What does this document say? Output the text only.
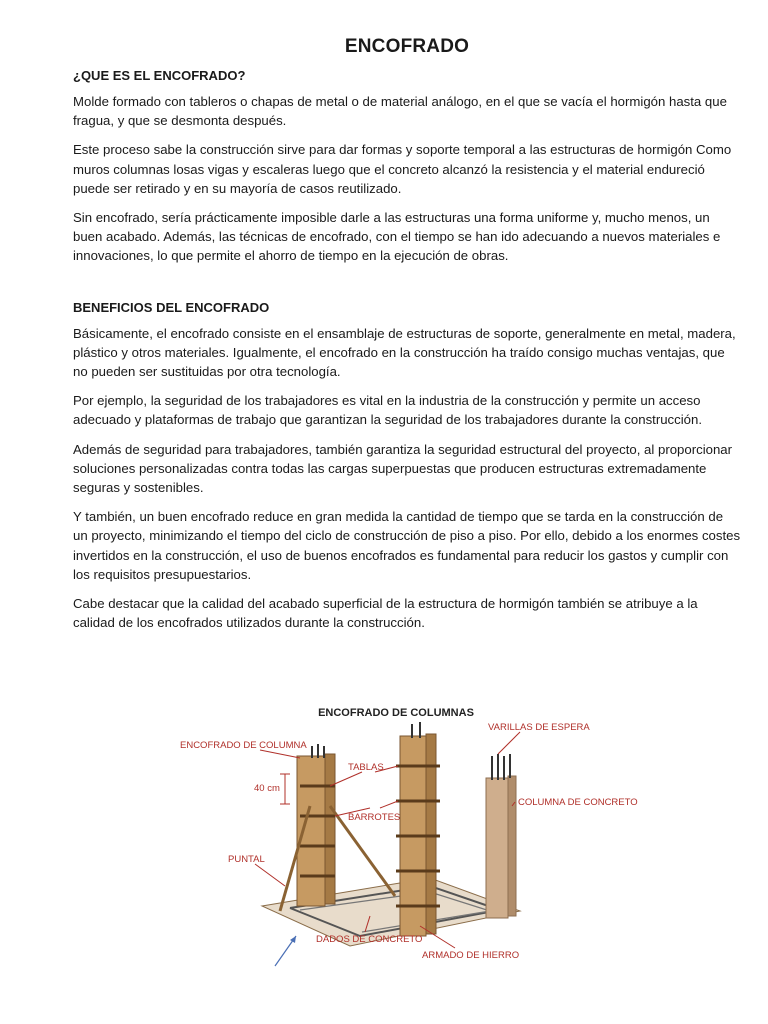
ENCOFRADO
¿QUE ES EL ENCOFRADO?

Molde formado con tableros o chapas de metal o de material análogo, en el que se vacía el hormigón hasta que fragua, y que se desmonta después.

Este proceso sabe la construcción sirve para dar formas y soporte temporal a las estructuras de hormigón Como muros columnas losas vigas y escaleras luego que el concreto alcanzó la resistencia y el material endureció puede ser retirado y en su mayoría de casos reutilizado.

Sin encofrado, sería prácticamente imposible darle a las estructuras una forma uniforme y, mucho menos, un buen acabado. Además, las técnicas de encofrado, con el tiempo se han ido adecuando a nuevos materiales e innovaciones, lo que permite el ahorro de tiempo en la ejecución de obras.

BENEFICIOS DEL ENCOFRADO

Básicamente, el encofrado consiste en el ensamblaje de estructuras de soporte, generalmente en metal, madera, plástico y otros materiales. Igualmente, el encofrado en la construcción ha traído consigo muchas ventajas, que no pueden ser sustituidas por otra tecnología.

Por ejemplo, la seguridad de los trabajadores es vital en la industria de la construcción y permite un acceso adecuado y plataformas de trabajo que garantizan la seguridad de los trabajadores durante la construcción.

Además de seguridad para trabajadores, también garantiza la seguridad estructural del proyecto, al proporcionar soluciones personalizadas contra todas las cargas superpuestas que producen estructuras extremadamente seguras y sostenibles.

Y también, un buen encofrado reduce en gran medida la cantidad de tiempo que se tarda en la construcción de un proyecto, minimizando el tiempo del ciclo de construcción de piso a piso. Por ello, debido a los enormes costes invertidos en la construcción, el uso de buenos encofrados es fundamental para reducir los gastos y cumplir con los requisitos presupuestarios.

Cabe destacar que la calidad del acabado superficial de la estructura de hormigón también se atribuye a la calidad de los encofrados utilizados durante la construcción.

ENCOFRADO DE COLUMNAS
ENCOFRADO DE COLUMNA
TABLAS
40 cm
BARROTES
PUNTAL
VARILLAS DE ESPERA
COLUMNA DE CONCRETO
DADOS DE CONCRETO
ARMADO DE HIERRO
